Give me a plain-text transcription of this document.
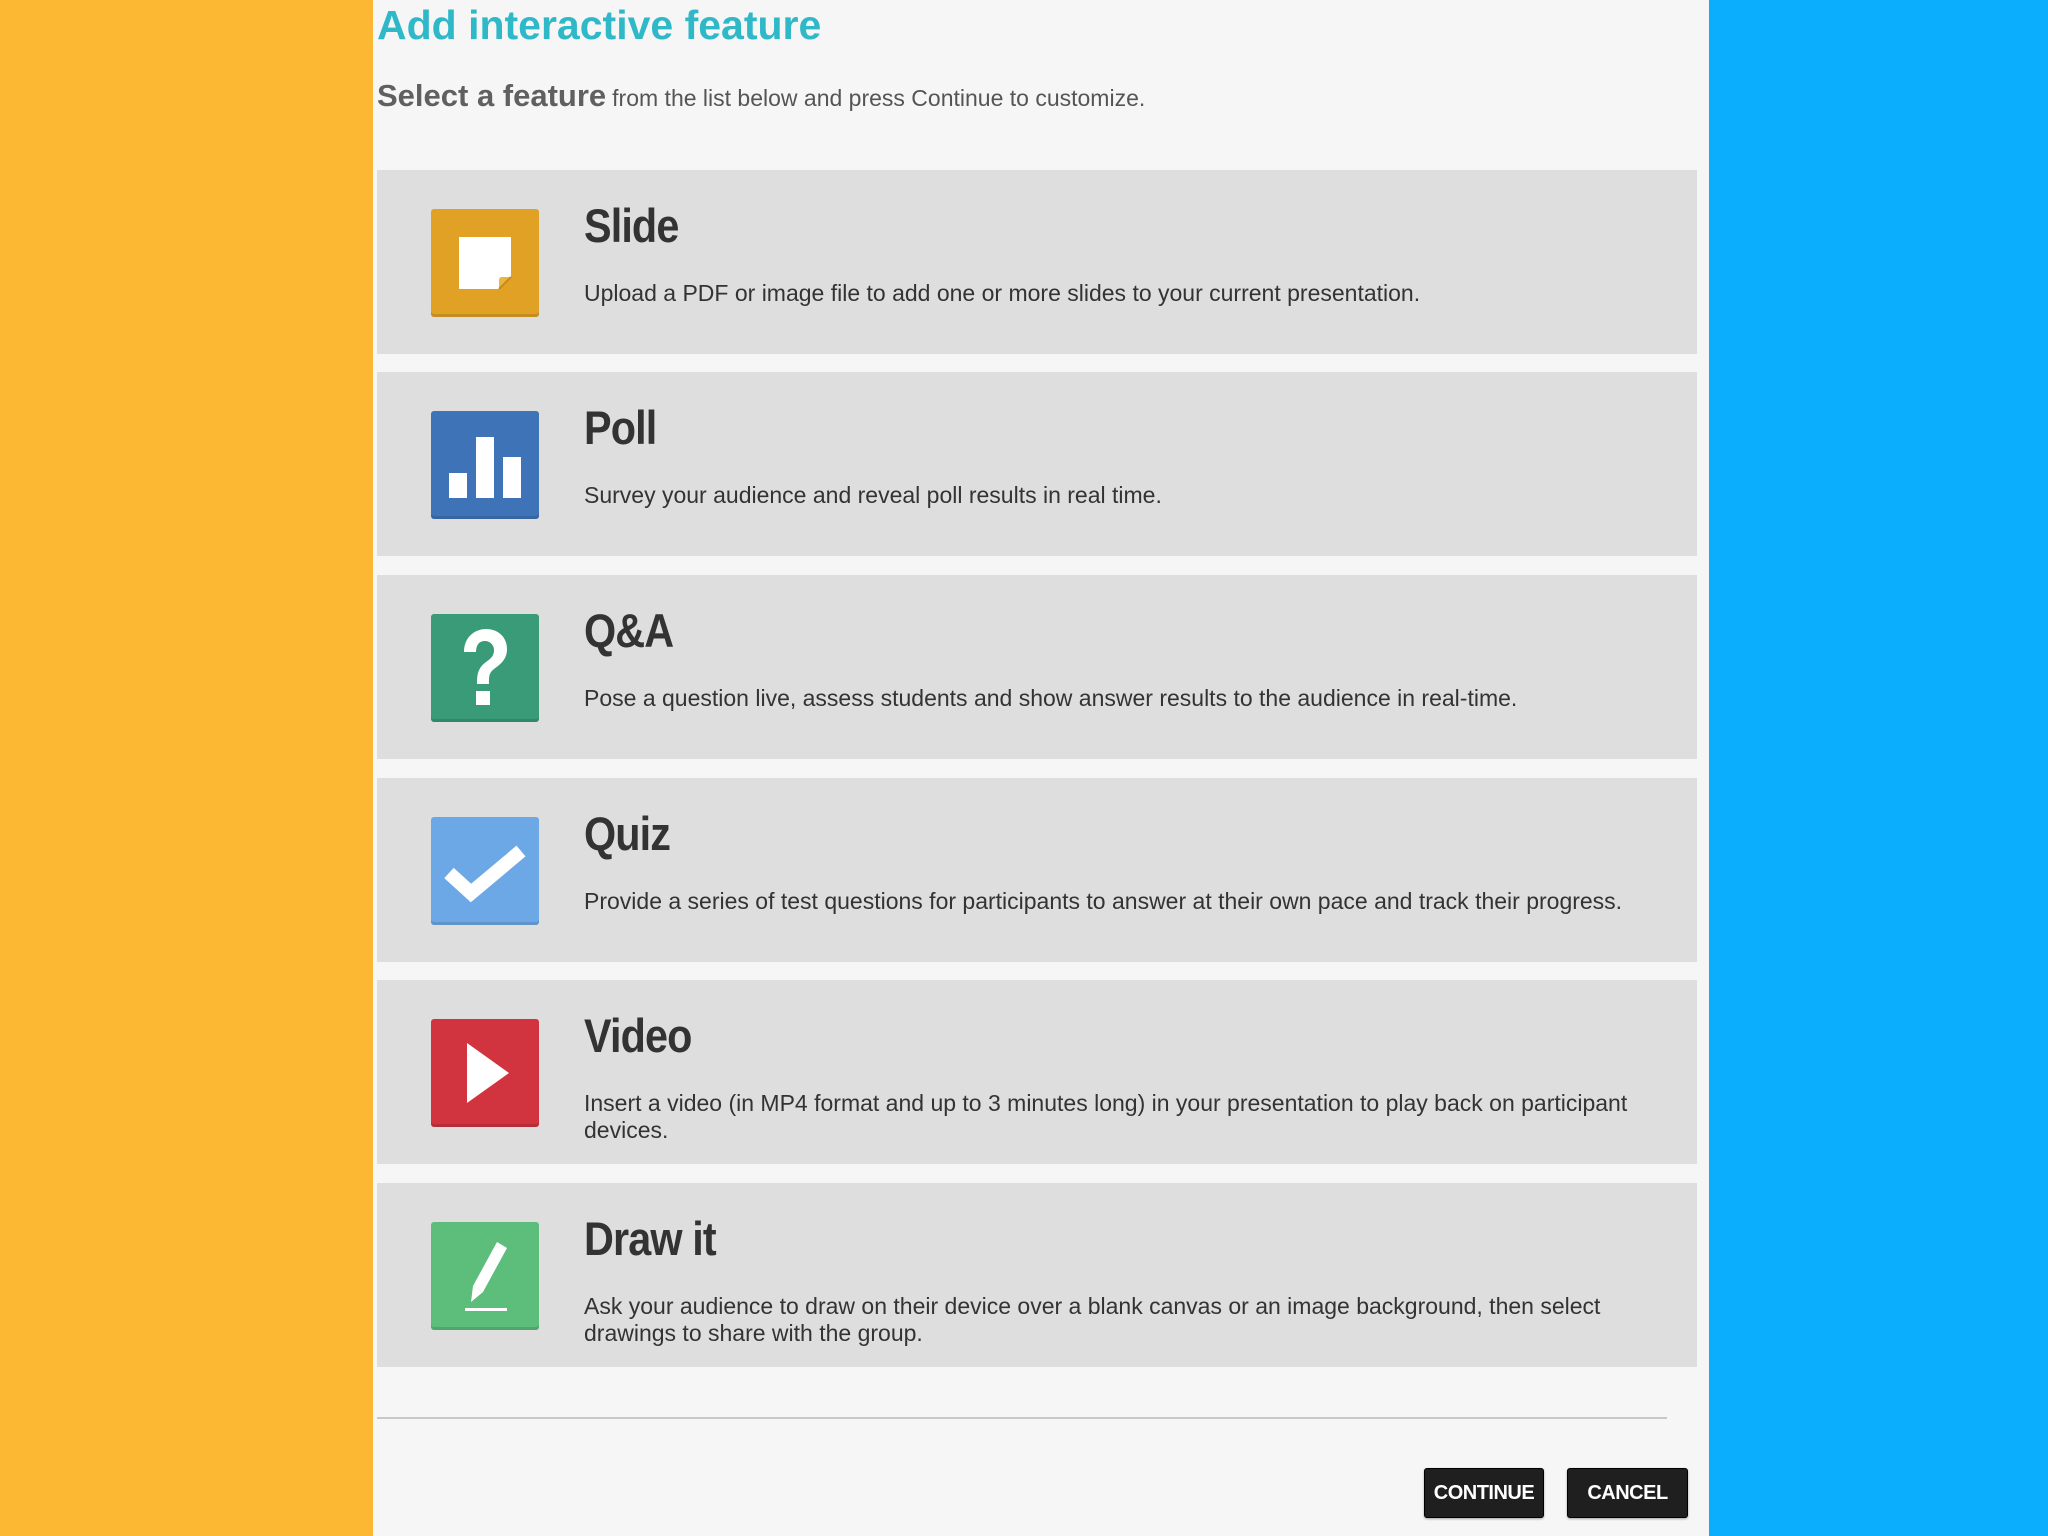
Add interactive feature
Select a feature from the list below and press Continue to customize.
Slide
Upload a PDF or image file to add one or more slides to your current presentation.
Poll
Survey your audience and reveal poll results in real time.
Q&A
Pose a question live, assess students and show answer results to the audience in real-time.
Quiz
Provide a series of test questions for participants to answer at their own pace and track their progress.
Video
Insert a video (in MP4 format and up to 3 minutes long) in your presentation to play back on participant devices.
Draw it
Ask your audience to draw on their device over a blank canvas or an image background, then select drawings to share with the group.
CONTINUE	CANCEL
